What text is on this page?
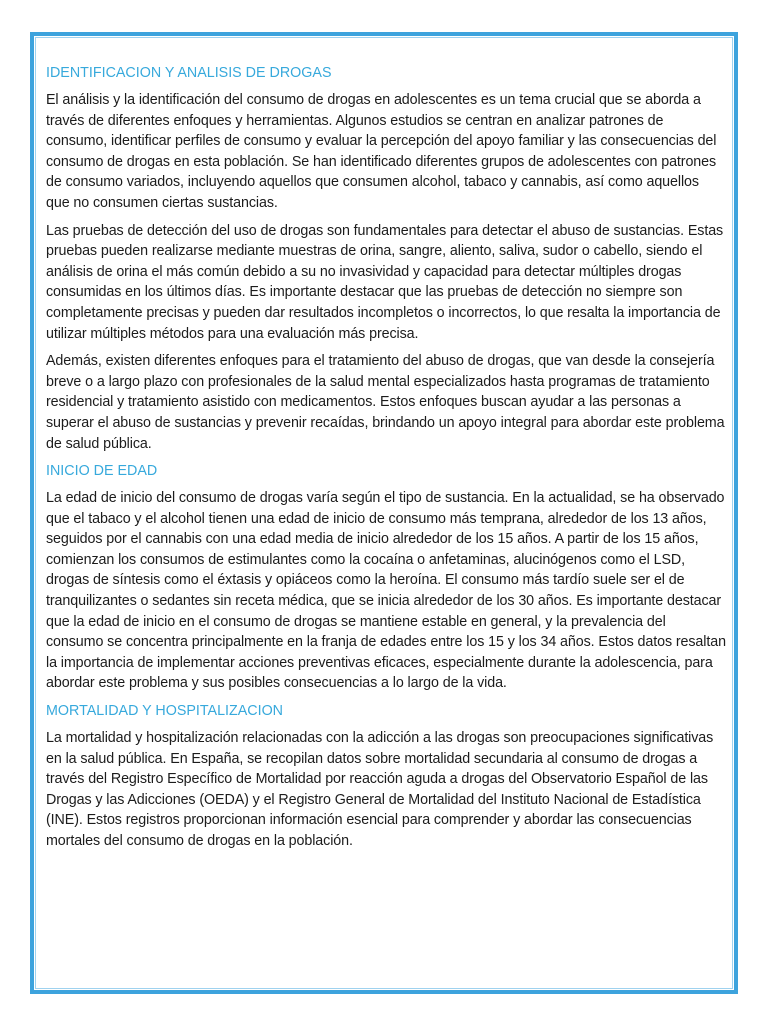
IDENTIFICACION Y ANALISIS DE DROGAS

El análisis y la identificación del consumo de drogas en adolescentes es un tema crucial que se aborda a través de diferentes enfoques y herramientas. Algunos estudios se centran en analizar patrones de consumo, identificar perfiles de consumo y evaluar la percepción del apoyo familiar y las consecuencias del consumo de drogas en esta población. Se han identificado diferentes grupos de adolescentes con patrones de consumo variados, incluyendo aquellos que consumen alcohol, tabaco y cannabis, así como aquellos que no consumen ciertas sustancias.

Las pruebas de detección del uso de drogas son fundamentales para detectar el abuso de sustancias. Estas pruebas pueden realizarse mediante muestras de orina, sangre, aliento, saliva, sudor o cabello, siendo el análisis de orina el más común debido a su no invasividad y capacidad para detectar múltiples drogas consumidas en los últimos días. Es importante destacar que las pruebas de detección no siempre son completamente precisas y pueden dar resultados incompletos o incorrectos, lo que resalta la importancia de utilizar múltiples métodos para una evaluación más precisa.

Además, existen diferentes enfoques para el tratamiento del abuso de drogas, que van desde la consejería breve o a largo plazo con profesionales de la salud mental especializados hasta programas de tratamiento residencial y tratamiento asistido con medicamentos. Estos enfoques buscan ayudar a las personas a superar el abuso de sustancias y prevenir recaídas, brindando un apoyo integral para abordar este problema de salud pública.

INICIO DE EDAD

La edad de inicio del consumo de drogas varía según el tipo de sustancia. En la actualidad, se ha observado que el tabaco y el alcohol tienen una edad de inicio de consumo más temprana, alrededor de los 13 años, seguidos por el cannabis con una edad media de inicio alrededor de los 15 años. A partir de los 15 años, comienzan los consumos de estimulantes como la cocaína o anfetaminas, alucinógenos como el LSD, drogas de síntesis como el éxtasis y opiáceos como la heroína. El consumo más tardío suele ser el de tranquilizantes o sedantes sin receta médica, que se inicia alrededor de los 30 años. Es importante destacar que la edad de inicio en el consumo de drogas se mantiene estable en general, y la prevalencia del consumo se concentra principalmente en la franja de edades entre los 15 y los 34 años. Estos datos resaltan la importancia de implementar acciones preventivas eficaces, especialmente durante la adolescencia, para abordar este problema y sus posibles consecuencias a lo largo de la vida.

MORTALIDAD Y HOSPITALIZACION

La mortalidad y hospitalización relacionadas con la adicción a las drogas son preocupaciones significativas en la salud pública. En España, se recopilan datos sobre mortalidad secundaria al consumo de drogas a través del Registro Específico de Mortalidad por reacción aguda a drogas del Observatorio Español de las Drogas y las Adicciones (OEDA) y el Registro General de Mortalidad del Instituto Nacional de Estadística (INE). Estos registros proporcionan información esencial para comprender y abordar las consecuencias mortales del consumo de drogas en la población.
